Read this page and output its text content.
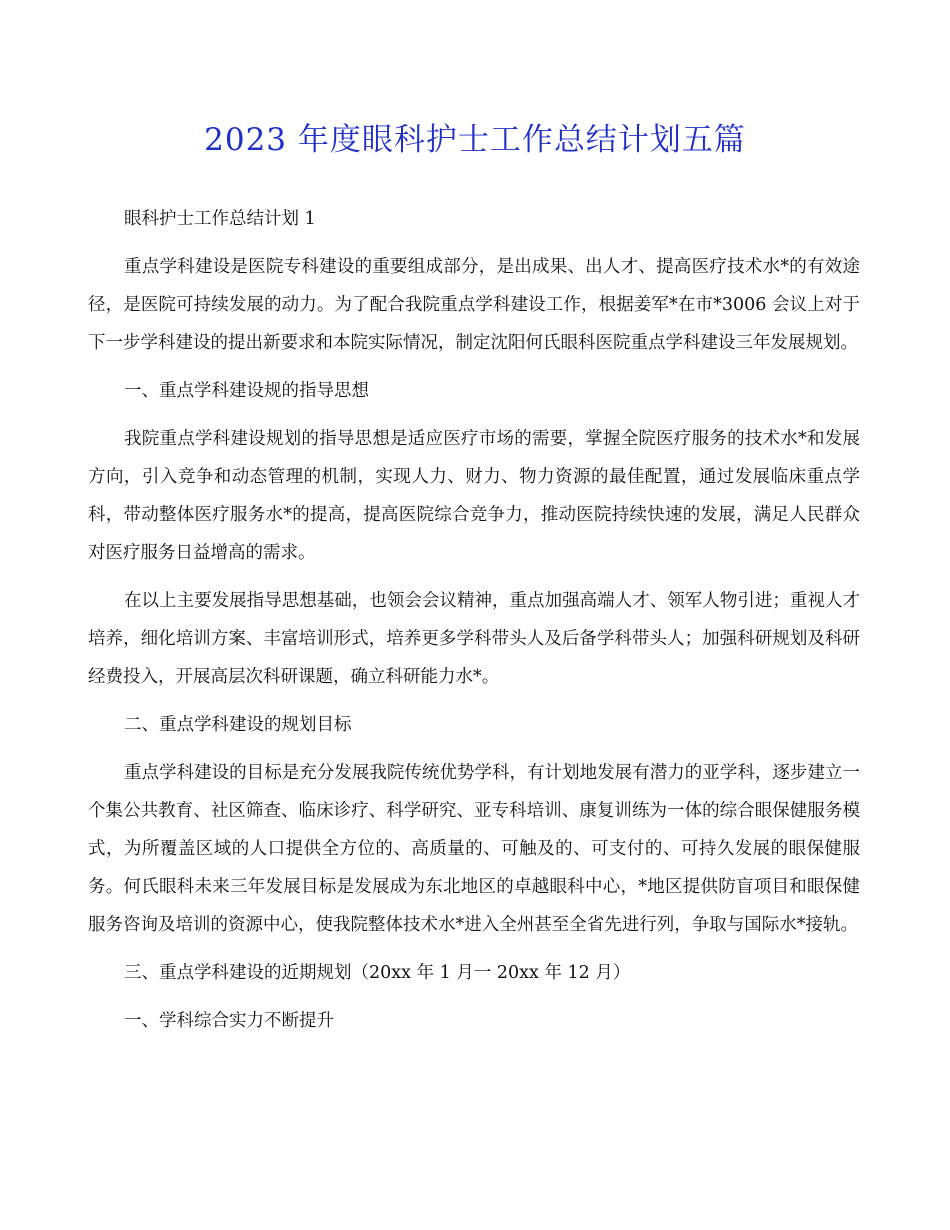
2023 年度眼科护士工作总结计划五篇

眼科护士工作总结计划 1

重点学科建设是医院专科建设的重要组成部分，是出成果、出人才、提高医疗技术水*的有效途径，是医院可持续发展的动力。为了配合我院重点学科建设工作，根据姜军*在市*3006 会议上对于下一步学科建设的提出新要求和本院实际情况，制定沈阳何氏眼科医院重点学科建设三年发展规划。

一、重点学科建设规的指导思想

我院重点学科建设规划的指导思想是适应医疗市场的需要，掌握全院医疗服务的技术水*和发展方向，引入竞争和动态管理的机制，实现人力、财力、物力资源的最佳配置，通过发展临床重点学科，带动整体医疗服务水*的提高，提高医院综合竞争力，推动医院持续快速的发展，满足人民群众对医疗服务日益增高的需求。

在以上主要发展指导思想基础，也领会会议精神，重点加强高端人才、领军人物引进；重视人才培养，细化培训方案、丰富培训形式，培养更多学科带头人及后备学科带头人；加强科研规划及科研经费投入，开展高层次科研课题，确立科研能力水*。

二、重点学科建设的规划目标

重点学科建设的目标是充分发展我院传统优势学科，有计划地发展有潜力的亚学科，逐步建立一个集公共教育、社区筛查、临床诊疗、科学研究、亚专科培训、康复训练为一体的综合眼保健服务模式，为所覆盖区域的人口提供全方位的、高质量的、可触及的、可支付的、可持久发展的眼保健服务。何氏眼科未来三年发展目标是发展成为东北地区的卓越眼科中心，*地区提供防盲项目和眼保健服务咨询及培训的资源中心，使我院整体技术水*进入全州甚至全省先进行列，争取与国际水*接轨。

三、重点学科建设的近期规划（20xx 年 1 月一 20xx 年 12 月）

一、学科综合实力不断提升
